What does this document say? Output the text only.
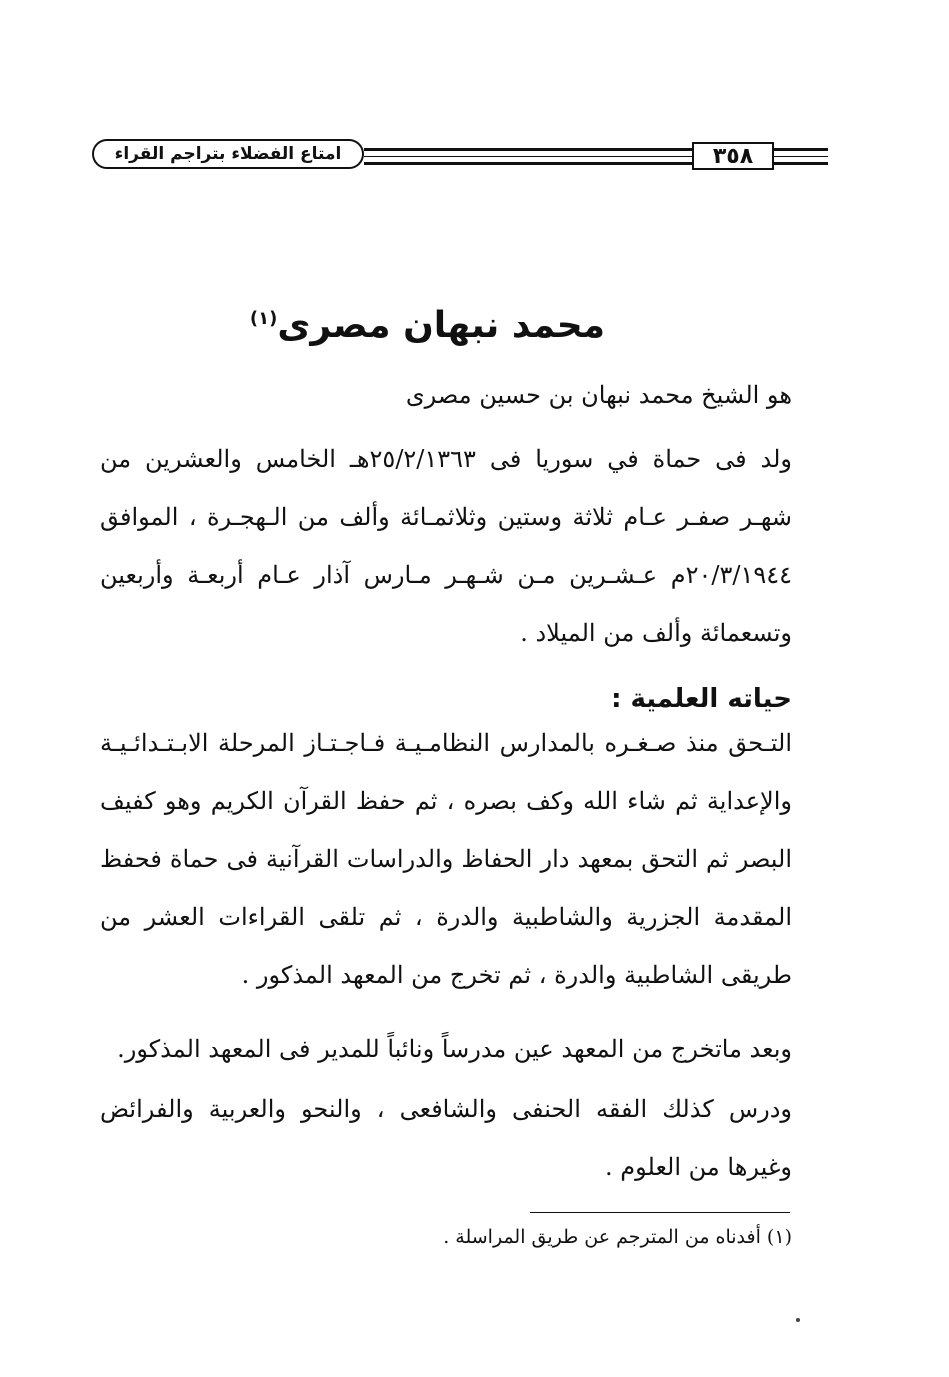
امتاع الفضلاء بتراجم القراء	٣٥٨
محمد نبهان مصرى$^{(١)}$
هو الشيخ محمد نبهان بن حسين مصرى
ولد فى حماة في سوريا فى ٢٥/٢/١٣٦٣هـ الخامس والعشرين من شهـر صفـر عـام ثلاثة وستين وثلاثمـائة وألف من الـهجـرة ، الموافق ٢٠/٣/١٩٤٤م عـشـرين مـن شـهـر مـارس آذار عـام أربعـة وأربعين وتسعمائة وألف من الميلاد .
حياته العلمية :
التـحق منذ صـغـره بالمدارس النظامـيـة فـاجـتـاز المرحلة الابـتـدائـيـة والإعداية ثم شاء الله وكف بصره ، ثم حفظ القرآن الكريم وهو كفيف البصر ثم التحق بمعهد دار الحفاظ والدراسات القرآنية فى حماة فحفظ المقدمة الجزرية والشاطبية والدرة ، ثم تلقى القراءات العشر من طريقى الشاطبية والدرة ، ثم تخرج من المعهد المذكور .
وبعد ماتخرج من المعهد عين مدرساً ونائباً للمدير فى المعهد المذكور.
ودرس كذلك الفقه الحنفى والشافعى ، والنحو والعربية والفرائض وغيرها من العلوم .
(١) أفدناه من المترجم عن طريق المراسلة .
